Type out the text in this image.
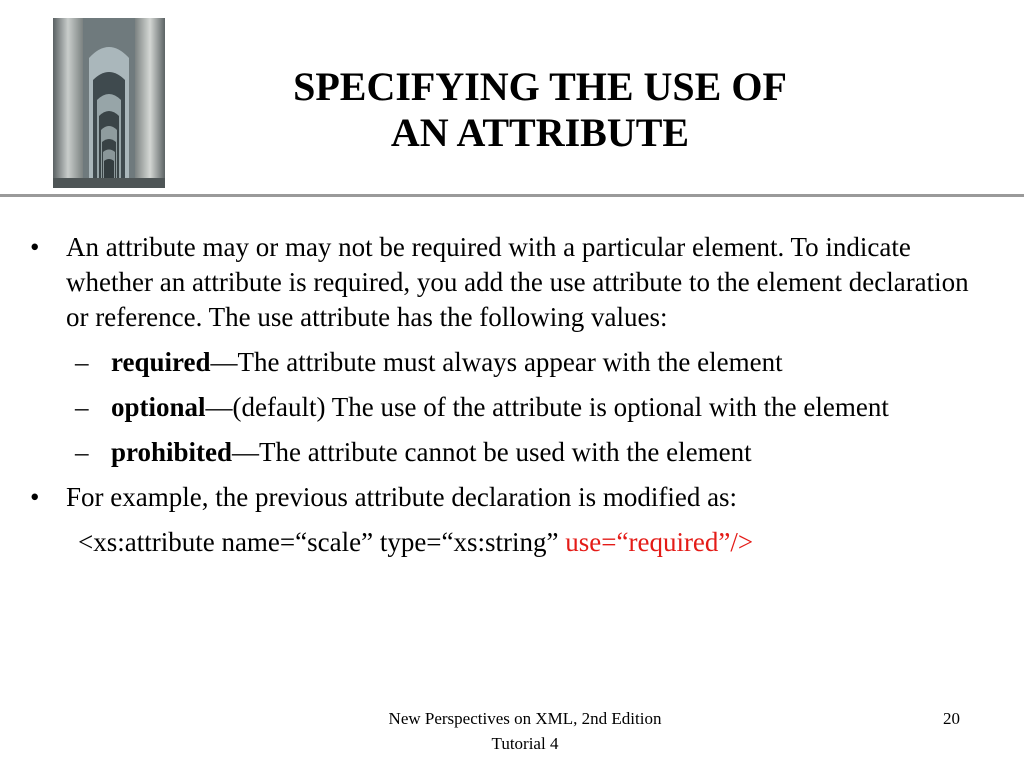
SPECIFYING THE USE OF
AN ATTRIBUTE
• An attribute may or may not be required with a particular element. To indicate whether an attribute is required, you add the use attribute to the element declaration or reference. The use attribute has the following values:
– required—The attribute must always appear with the element
– optional—(default) The use of the attribute is optional with the element
– prohibited—The attribute cannot be used with the element
• For example, the previous attribute declaration is modified as:
<xs:attribute name=“scale” type=“xs:string” use=“required”/>
New Perspectives on XML, 2nd Edition
Tutorial 4
20
